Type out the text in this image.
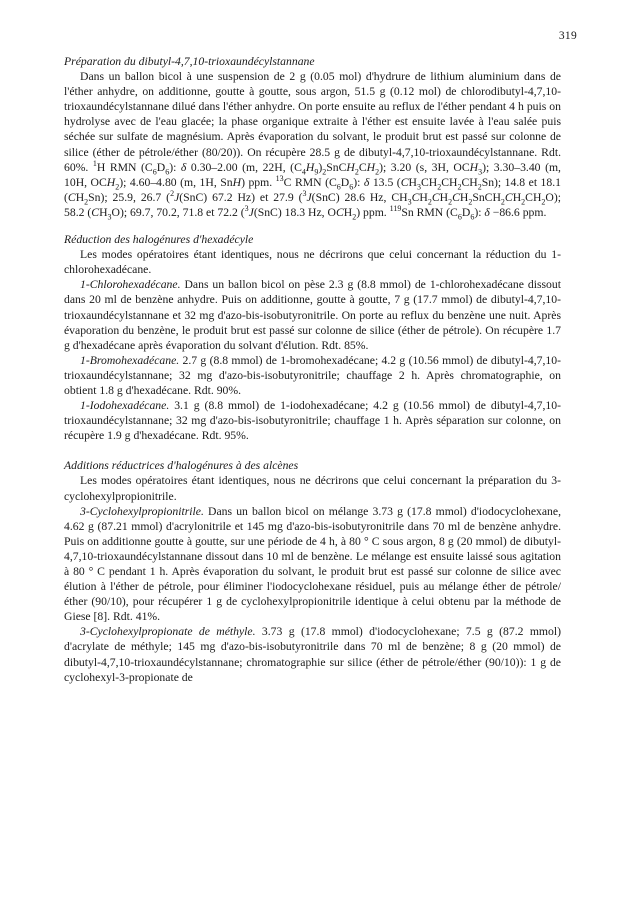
319

Préparation du dibutyl-4,7,10-trioxaundécylstannane

Dans un ballon bicol à une suspension de 2 g (0.05 mol) d'hydrure de lithium aluminium dans de l'éther anhydre, on additionne, goutte à goutte, sous argon, 51.5 g (0.12 mol) de chlorodibutyl-4,7,10-trioxaundécylstannane dilué dans l'éther anhydre. On porte ensuite au reflux de l'éther pendant 4 h puis on hydrolyse avec de l'eau glacée; la phase organique extraite à l'éther est ensuite lavée à l'eau salée puis séchée sur sulfate de magnésium. Après évaporation du solvant, le produit brut est passé sur colonne de silice (éther de pétrole/éther (80/20)). On récupère 28.5 g de dibutyl-4,7,10-trioxaundécylstannane. Rdt. 60%. $^1$H RMN $(C_6D_6)$: δ 0.30–2.00 (m, 22H, $(C_4H_9)_2SnCH_2CH_2$); 3.20 (s, 3H, $OCH_3$); 3.30–3.40 (m, 10H, $OCH_2$); 4.60–4.80 (m, 1H, SnH) ppm. $^{13}$C RMN $(C_6D_6)$: δ 13.5 $(CH_3CH_2CH_2CH_2Sn)$; 14.8 et 18.1 $(CH_2Sn)$; 25.9, 26.7 ($^2$J(SnC) 67.2 Hz) et 27.9 ($^3$J(SnC) 28.6 Hz, $CH_3CH_2CH_2CH_2SnCH_2CH_2CH_2O$); 58.2 $(CH_3O)$; 69.7, 70.2, 71.8 et 72.2 ($^3$J(SnC) 18.3 Hz, $OCH_2$) ppm. $^{119}$Sn RMN $(C_6D_6)$: δ −86.6 ppm.

Réduction des halogénures d'hexadécyle

Les modes opératoires étant identiques, nous ne décrirons que celui concernant la réduction du 1-chlorohexadécane.

1-Chlorohexadécane. Dans un ballon bicol on pèse 2.3 g (8.8 mmol) de 1-chlorohexadécane dissout dans 20 ml de benzène anhydre. Puis on additionne, goutte à goutte, 7 g (17.7 mmol) de dibutyl-4,7,10-trioxaundécylstannane et 32 mg d'azo-bis-isobutyronitrile. On porte au reflux du benzène une nuit. Après évaporation du benzène, le produit brut est passé sur colonne de silice (éther de pétrole). On récupère 1.7 g d'hexadécane après évaporation du solvant d'élution. Rdt. 85%.

1-Bromohexadécane. 2.7 g (8.8 mmol) de 1-bromohexadécane; 4.2 g (10.56 mmol) de dibutyl-4,7,10-trioxaundécylstannane; 32 mg d'azo-bis-isobutyronitrile; chauffage 2 h. Après chromatographie, on obtient 1.8 g d'hexadécane. Rdt. 90%.

1-Iodohexadécane. 3.1 g (8.8 mmol) de 1-iodohexadécane; 4.2 g (10.56 mmol) de dibutyl-4,7,10-trioxaundécylstannane; 32 mg d'azo-bis-isobutyronitrile; chauffage 1 h. Après séparation sur colonne, on récupère 1.9 g d'hexadécane. Rdt. 95%.

Additions réductrices d'halogénures à des alcènes

Les modes opératoires étant identiques, nous ne décrirons que celui concernant la préparation du 3-cyclohexylpropionitrile.

3-Cyclohexylpropionitrile. Dans un ballon bicol on mélange 3.73 g (17.8 mmol) d'iodocyclohexane, 4.62 g (87.21 mmol) d'acrylonitrile et 145 mg d'azo-bis-isobutyronitrile dans 70 ml de benzène anhydre. Puis on additionne goutte à goutte, sur une période de 4 h, à 80 ° C sous argon, 8 g (20 mmol) de dibutyl-4,7,10-trioxaundécylstannane dissout dans 10 ml de benzène. Le mélange est ensuite laissé sous agitation à 80 ° C pendant 1 h. Après évaporation du solvant, le produit brut est passé sur colonne de silice avec élution à l'éther de pétrole, pour éliminer l'iodocyclohexane résiduel, puis au mélange éther de pétrole/éther (90/10), pour récupérer 1 g de cyclohexylpropionitrile identique à celui obtenu par la méthode de Giese [8]. Rdt. 41%.

3-Cyclohexylpropionate de méthyle. 3.73 g (17.8 mmol) d'iodocyclohexane; 7.5 g (87.2 mmol) d'acrylate de méthyle; 145 mg d'azo-bis-isobutyronitrile dans 70 ml de benzène; 8 g (20 mmol) de dibutyl-4,7,10-trioxaundécylstannane; chromatographie sur silice (éther de pétrole/éther (90/10)): 1 g de cyclohexyl-3-propionate de
